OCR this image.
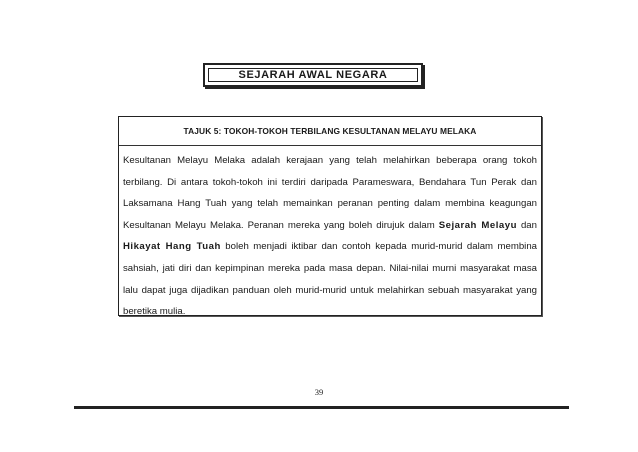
SEJARAH AWAL NEGARA
TAJUK 5: TOKOH-TOKOH TERBILANG KESULTANAN MELAYU MELAKA
Kesultanan Melayu Melaka adalah kerajaan yang telah melahirkan beberapa orang tokoh terbilang. Di antara tokoh-tokoh ini terdiri daripada Parameswara, Bendahara Tun Perak dan Laksamana Hang Tuah yang telah memainkan peranan penting dalam membina keagungan Kesultanan Melayu Melaka. Peranan mereka yang boleh dirujuk dalam Sejarah Melayu dan Hikayat Hang Tuah boleh menjadi iktibar dan contoh kepada murid-murid dalam membina sahsiah, jati diri dan kepimpinan mereka pada masa depan. Nilai-nilai murni masyarakat masa lalu dapat juga dijadikan panduan oleh murid-murid untuk melahirkan sebuah masyarakat yang beretika mulia.
39
